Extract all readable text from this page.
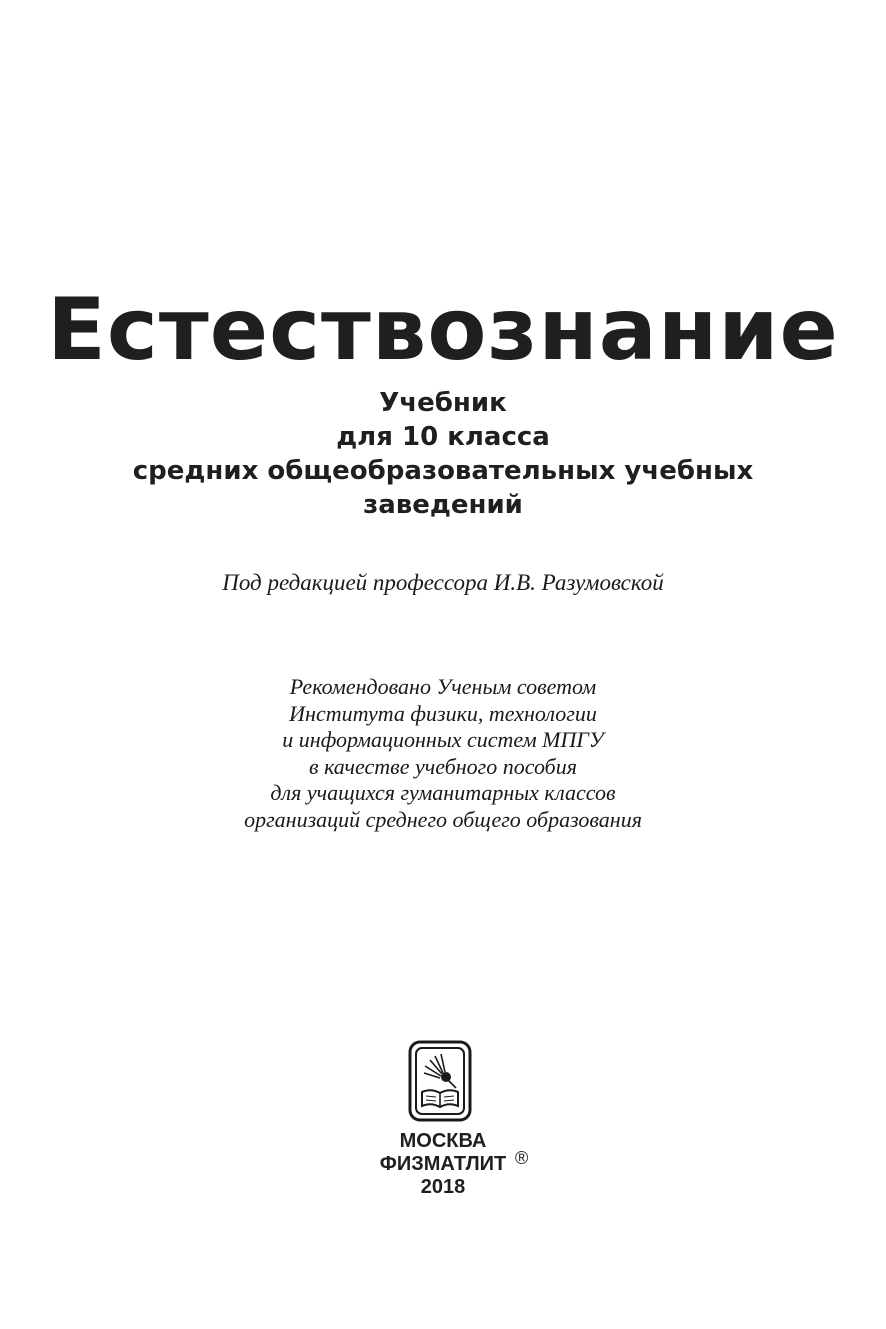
Естествознание
Учебник
для 10 класса
средних общеобразовательных учебных
заведений
Под редакцией профессора И.В. Разумовской
Рекомендовано Ученым советом
Института физики, технологии
и информационных систем МПГУ
в качестве учебного пособия
для учащихся гуманитарных классов
организаций среднего общего образования
МОСКВА
ФИЗМАТЛИТ ®
2018
